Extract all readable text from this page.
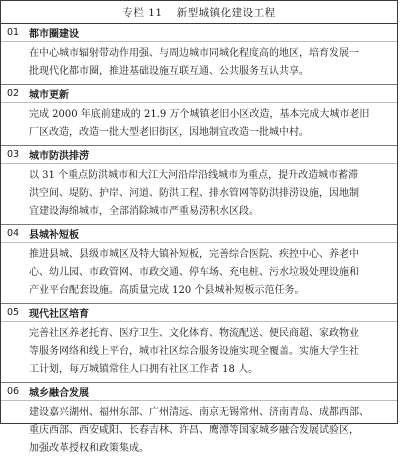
专栏 11 新型城镇化建设工程
01 都市圈建设

在中心城市辐射带动作用强、与周边城市同城化程度高的地区，培育发展一

批现代化都市圈，推进基础设施互联互通、公共服务互认共享。

02 城市更新

完成 2000 年底前建成的 21.9 万个城镇老旧小区改造，基本完成大城市老旧

厂区改造，改造一批大型老旧街区，因地制宜改造一批城中村。

03 城市防洪排涝

以 31 个重点防洪城市和大江大河沿岸沿线城市为重点，提升改造城市蓄滞

洪空间、堤防、护岸、河道、防洪工程、排水管网等防洪排涝设施，因地制

宜建设海绵城市，全部消除城市严重易涝积水区段。

04 县城补短板

推进县城、县级市城区及特大镇补短板，完善综合医院、疾控中心、养老中

心、幼儿园、市政管网、市政交通、停车场、充电桩、污水垃圾处理设施和

产业平台配套设施。高质量完成 120 个县城补短板示范任务。

05 现代社区培育

完善社区养老托育、医疗卫生、文化体育、物流配送、便民商超、家政物业

等服务网络和线上平台，城市社区综合服务设施实现全覆盖。实施大学生社

工计划，每万城镇常住人口拥有社区工作者 18 人。

06 城乡融合发展

建设嘉兴湖州、福州东部、广州清远、南京无锡常州、济南青岛、成都西部、

重庆西部、西安咸阳、长春吉林、许昌、鹰潭等国家城乡融合发展试验区，

加强改革授权和政策集成。
